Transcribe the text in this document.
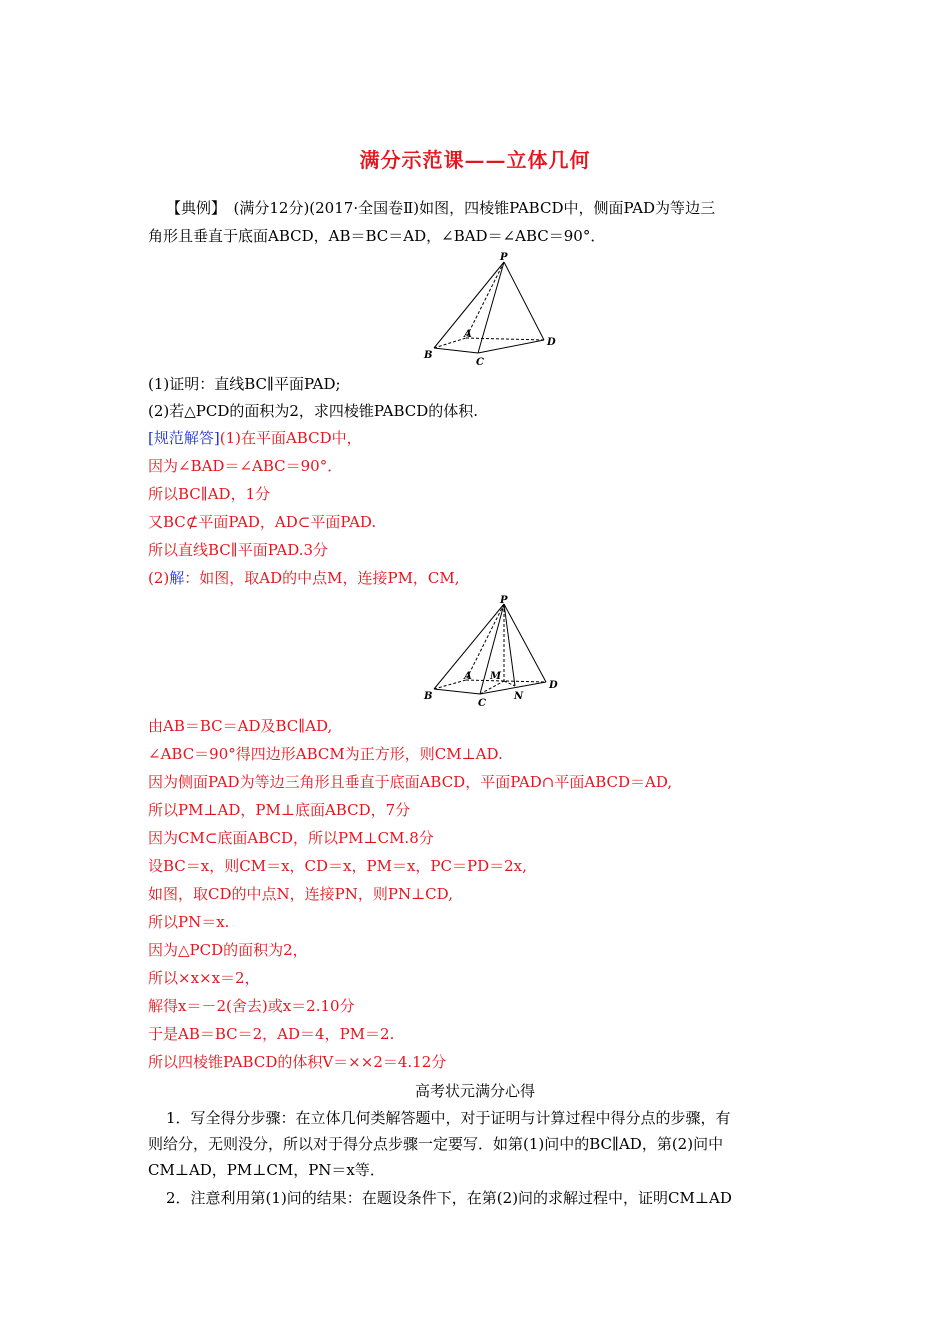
满分示范课——立体几何
【典例】　(满分12分)(2017·全国卷Ⅱ)如图，四棱锥PABCD中，侧面PAD为等边三
角形且垂直于底面ABCD，AB＝BC＝AD，∠BAD＝∠ABC＝90°．
P
A
B
C
D
(1)证明：直线BC∥平面PAD;
(2)若△PCD的面积为2，求四棱锥PABCD的体积.
[规范解答](1)在平面ABCD中，
因为∠BAD＝∠ABC＝90°．
所以BC∥AD，1分
又BC⊄平面PAD，AD⊂平面PAD.
所以直线BC∥平面PAD.3分
(2)解：如图，取AD的中点M，连接PM，CM,
P
A M
B
C
N
D
由AB＝BC＝AD及BC∥AD,
∠ABC＝90°得四边形ABCM为正方形，则CM⊥AD.
因为侧面PAD为等边三角形且垂直于底面ABCD，平面PAD∩平面ABCD＝AD,
所以PM⊥AD，PM⊥底面ABCD，7分
因为CM⊂底面ABCD，所以PM⊥CM.8分
设BC＝x，则CM＝x，CD＝x，PM＝x，PC＝PD＝2x,
如图，取CD的中点N，连接PN，则PN⊥CD,
所以PN＝x.
因为△PCD的面积为2，
所以×x×x＝2，
解得x＝－2(舍去)或x＝2.10分
于是AB＝BC＝2，AD＝4，PM＝2.
所以四棱锥PABCD的体积V＝××2＝4.12分
高考状元满分心得
1．写全得分步骤：在立体几何类解答题中，对于证明与计算过程中得分点的步骤，有
则给分，无则没分，所以对于得分点步骤一定要写．如第(1)问中的BC∥AD，第(2)问中
CM⊥AD，PM⊥CM，PN＝x等．
2．注意利用第(1)问的结果：在题设条件下，在第(2)问的求解过程中，证明CM⊥AD
